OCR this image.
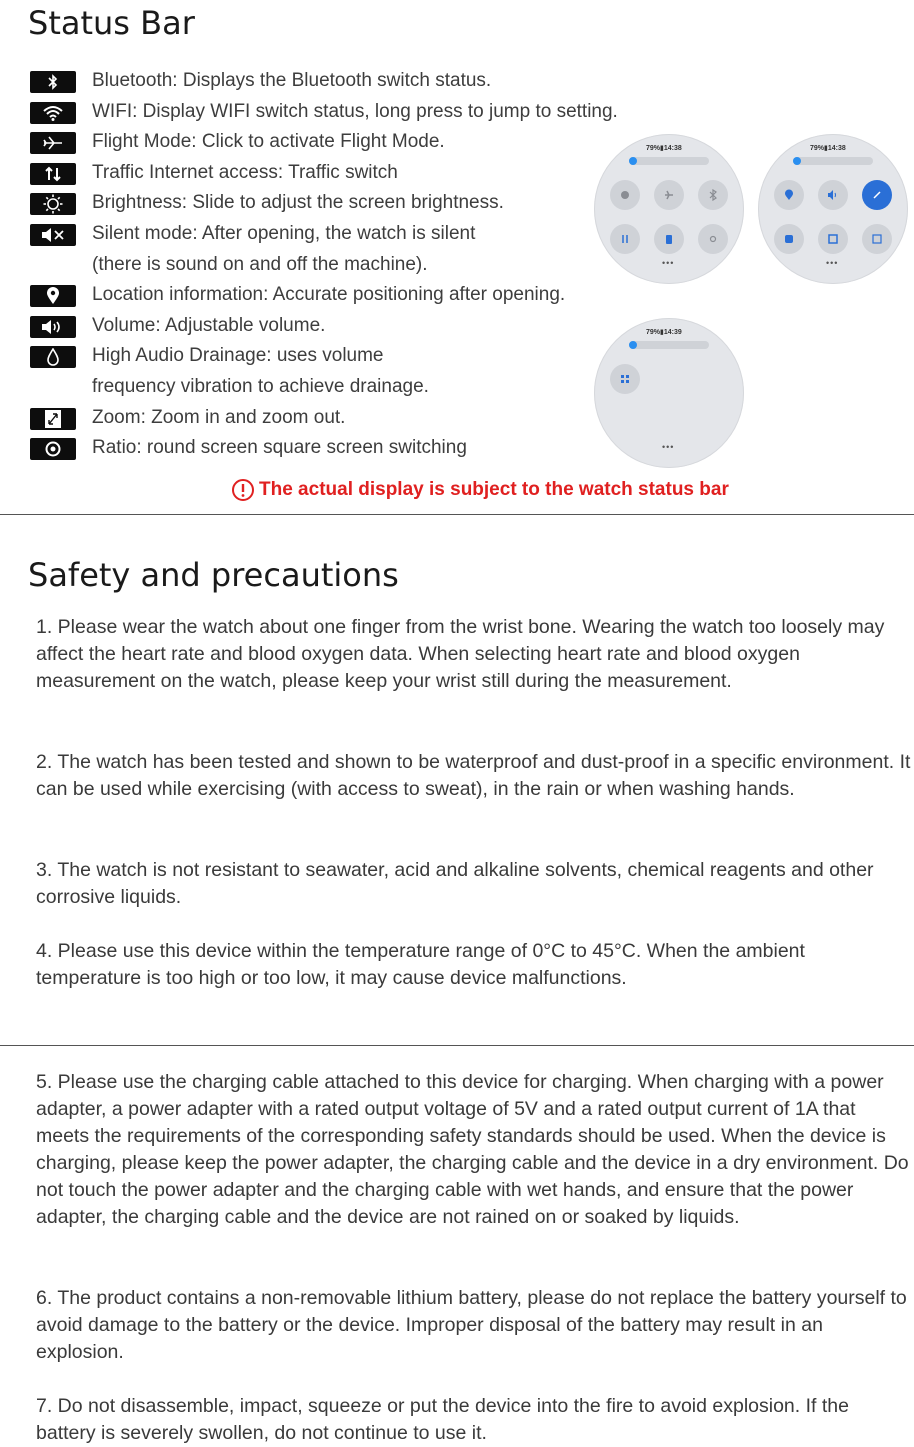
Status Bar
Bluetooth: Displays the Bluetooth switch status.
WIFI: Display WIFI switch status, long press to jump to setting.
Flight Mode: Click to activate Flight Mode.
Traffic Internet access: Traffic switch
Brightness: Slide to adjust the screen brightness.
Silent mode: After opening, the watch is silent
(there is sound on and off the machine).
Location information: Accurate positioning after opening.
Volume: Adjustable volume.
High Audio Drainage: uses volume
frequency vibration to achieve drainage.
Zoom: Zoom in and zoom out.
Ratio: round screen square screen switching
79%▮14:38
•••
79%▮14:38
•••
79%▮14:39
•••
The actual display is subject to the watch status bar
Safety and precautions

1. Please wear the watch about one finger from the wrist bone. Wearing the watch too loosely may affect the heart rate and blood oxygen data. When selecting heart rate and blood oxygen measurement on the watch, please keep your wrist still during the measurement.

2. The watch has been tested and shown to be waterproof and dust-proof in a specific environment. It can be used while exercising (with access to sweat), in the rain or when washing hands.

3. The watch is not resistant to seawater, acid and alkaline solvents, chemical reagents and other corrosive liquids.

4. Please use this device within the temperature range of 0°C to 45°C. When the ambient temperature is too high or too low, it may cause device malfunctions.

5. Please use the charging cable attached to this device for charging. When charging with a power adapter, a power adapter with a rated output voltage of 5V and a rated output current of 1A that meets the requirements of the corresponding safety standards should be used. When the device is charging, please keep the power adapter, the charging cable and the device in a dry environment. Do not touch the power adapter and the charging cable with wet hands, and ensure that the power adapter, the charging cable and the device are not rained on or soaked by liquids.

6. The product contains a non-removable lithium battery, please do not replace the battery yourself to avoid damage to the battery or the device. Improper disposal of the battery may result in an explosion.

7. Do not disassemble, impact, squeeze or put the device into the fire to avoid explosion. If the battery is severely swollen, do not continue to use it.
